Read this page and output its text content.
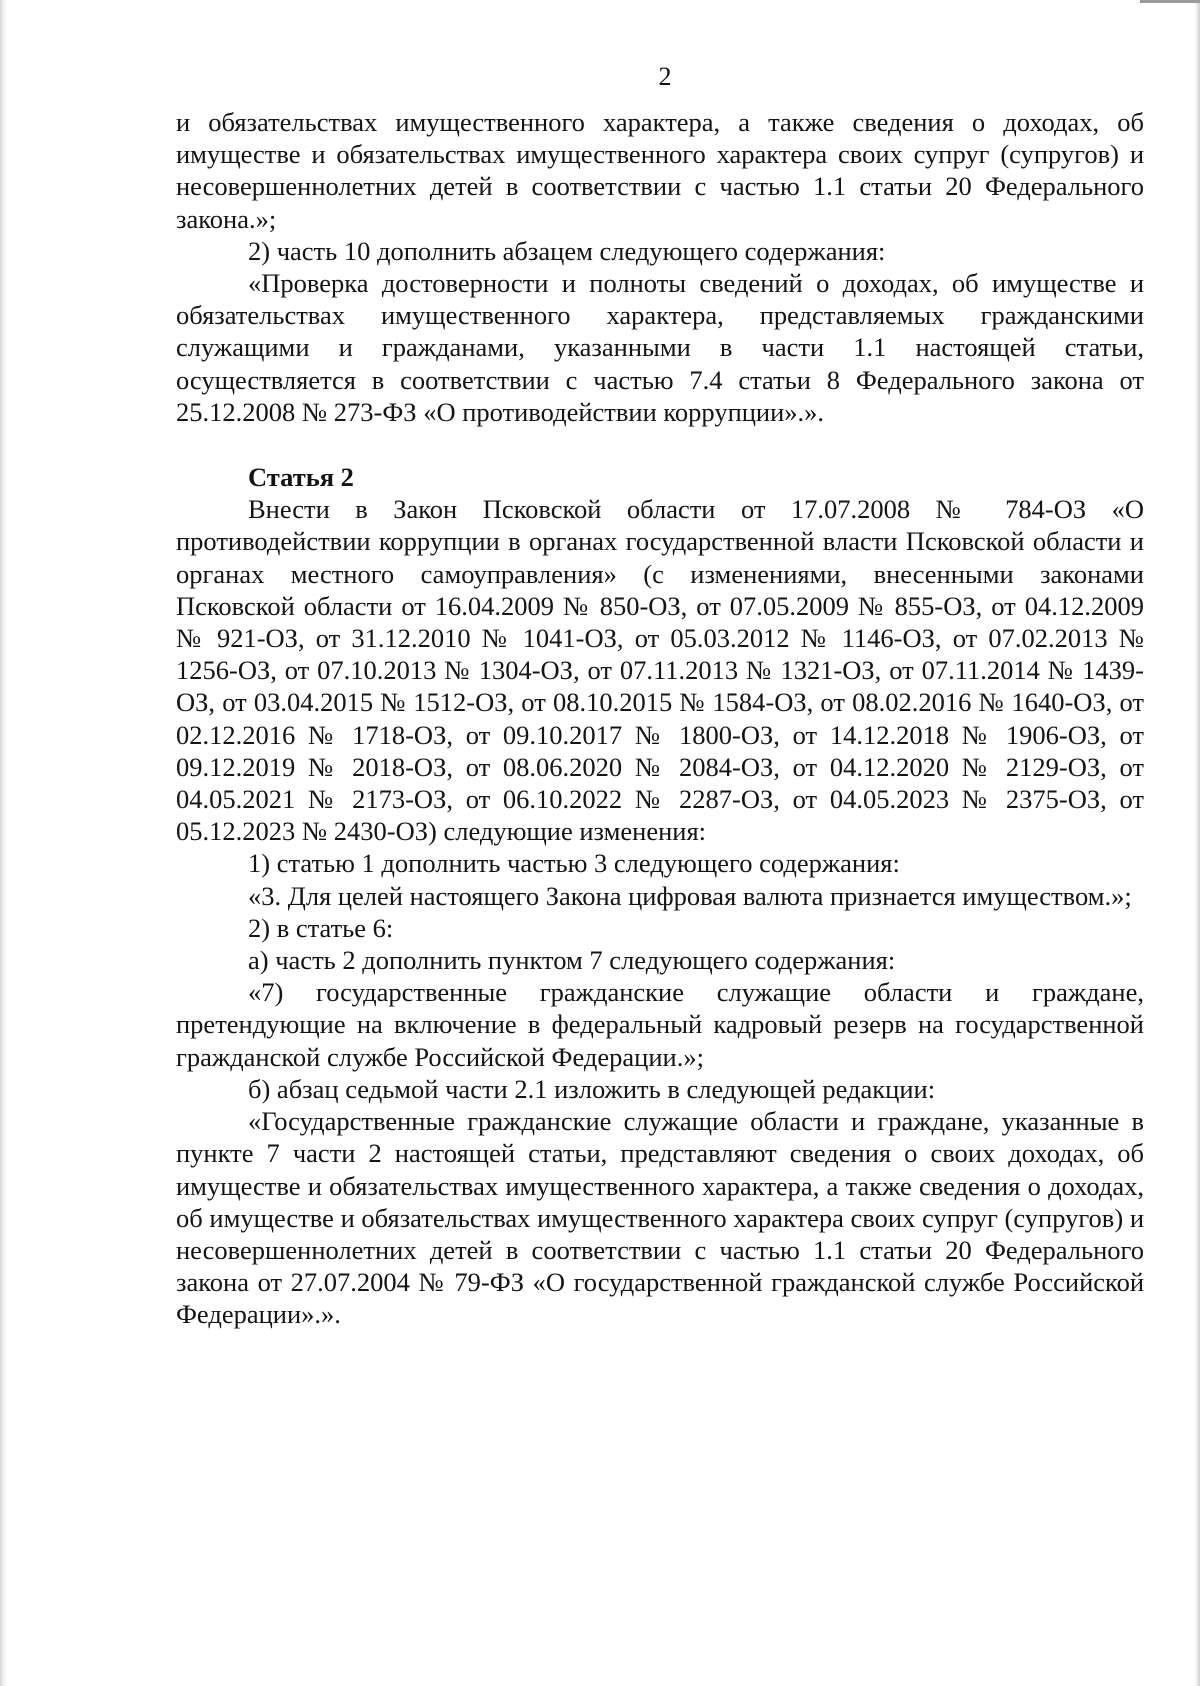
2

и обязательствах имущественного характера, а также сведения о доходах, об имуществе и обязательствах имущественного характера своих супруг (супругов) и несовершеннолетних детей в соответствии с частью 1.1 статьи 20 Федерального закона.»;

2) часть 10 дополнить абзацем следующего содержания:

«Проверка достоверности и полноты сведений о доходах, об имуществе и обязательствах имущественного характера, представляемых гражданскими служащими и гражданами, указанными в части 1.1 настоящей статьи, осуществляется в соответствии с частью 7.4 статьи 8 Федерального закона от 25.12.2008 № 273-ФЗ «О противодействии коррупции».».

Статья 2

Внести в Закон Псковской области от 17.07.2008 № 784-ОЗ «О противодействии коррупции в органах государственной власти Псковской области и органах местного самоуправления» (с изменениями, внесенными законами Псковской области от 16.04.2009 № 850-ОЗ, от 07.05.2009 № 855-ОЗ, от 04.12.2009 № 921-ОЗ, от 31.12.2010 № 1041-ОЗ, от 05.03.2012 № 1146-ОЗ, от 07.02.2013 № 1256-ОЗ, от 07.10.2013 № 1304-ОЗ, от 07.11.2013 № 1321-ОЗ, от 07.11.2014 № 1439-ОЗ, от 03.04.2015 № 1512-ОЗ, от 08.10.2015 № 1584-ОЗ, от 08.02.2016 № 1640-ОЗ, от 02.12.2016 № 1718-ОЗ, от 09.10.2017 № 1800-ОЗ, от 14.12.2018 № 1906-ОЗ, от 09.12.2019 № 2018-ОЗ, от 08.06.2020 № 2084-ОЗ, от 04.12.2020 № 2129-ОЗ, от 04.05.2021 № 2173-ОЗ, от 06.10.2022 № 2287-ОЗ, от 04.05.2023 № 2375-ОЗ, от 05.12.2023 № 2430-ОЗ) следующие изменения:

1) статью 1 дополнить частью 3 следующего содержания:

«3. Для целей настоящего Закона цифровая валюта признается имуществом.»;

2) в статье 6:

а) часть 2 дополнить пунктом 7 следующего содержания:

«7) государственные гражданские служащие области и граждане, претендующие на включение в федеральный кадровый резерв на государственной гражданской службе Российской Федерации.»;

б) абзац седьмой части 2.1 изложить в следующей редакции:

«Государственные гражданские служащие области и граждане, указанные в пункте 7 части 2 настоящей статьи, представляют сведения о своих доходах, об имуществе и обязательствах имущественного характера, а также сведения о доходах, об имуществе и обязательствах имущественного характера своих супруг (супругов) и несовершеннолетних детей в соответствии с частью 1.1 статьи 20 Федерального закона от 27.07.2004 № 79-ФЗ «О государственной гражданской службе Российской Федерации».».
